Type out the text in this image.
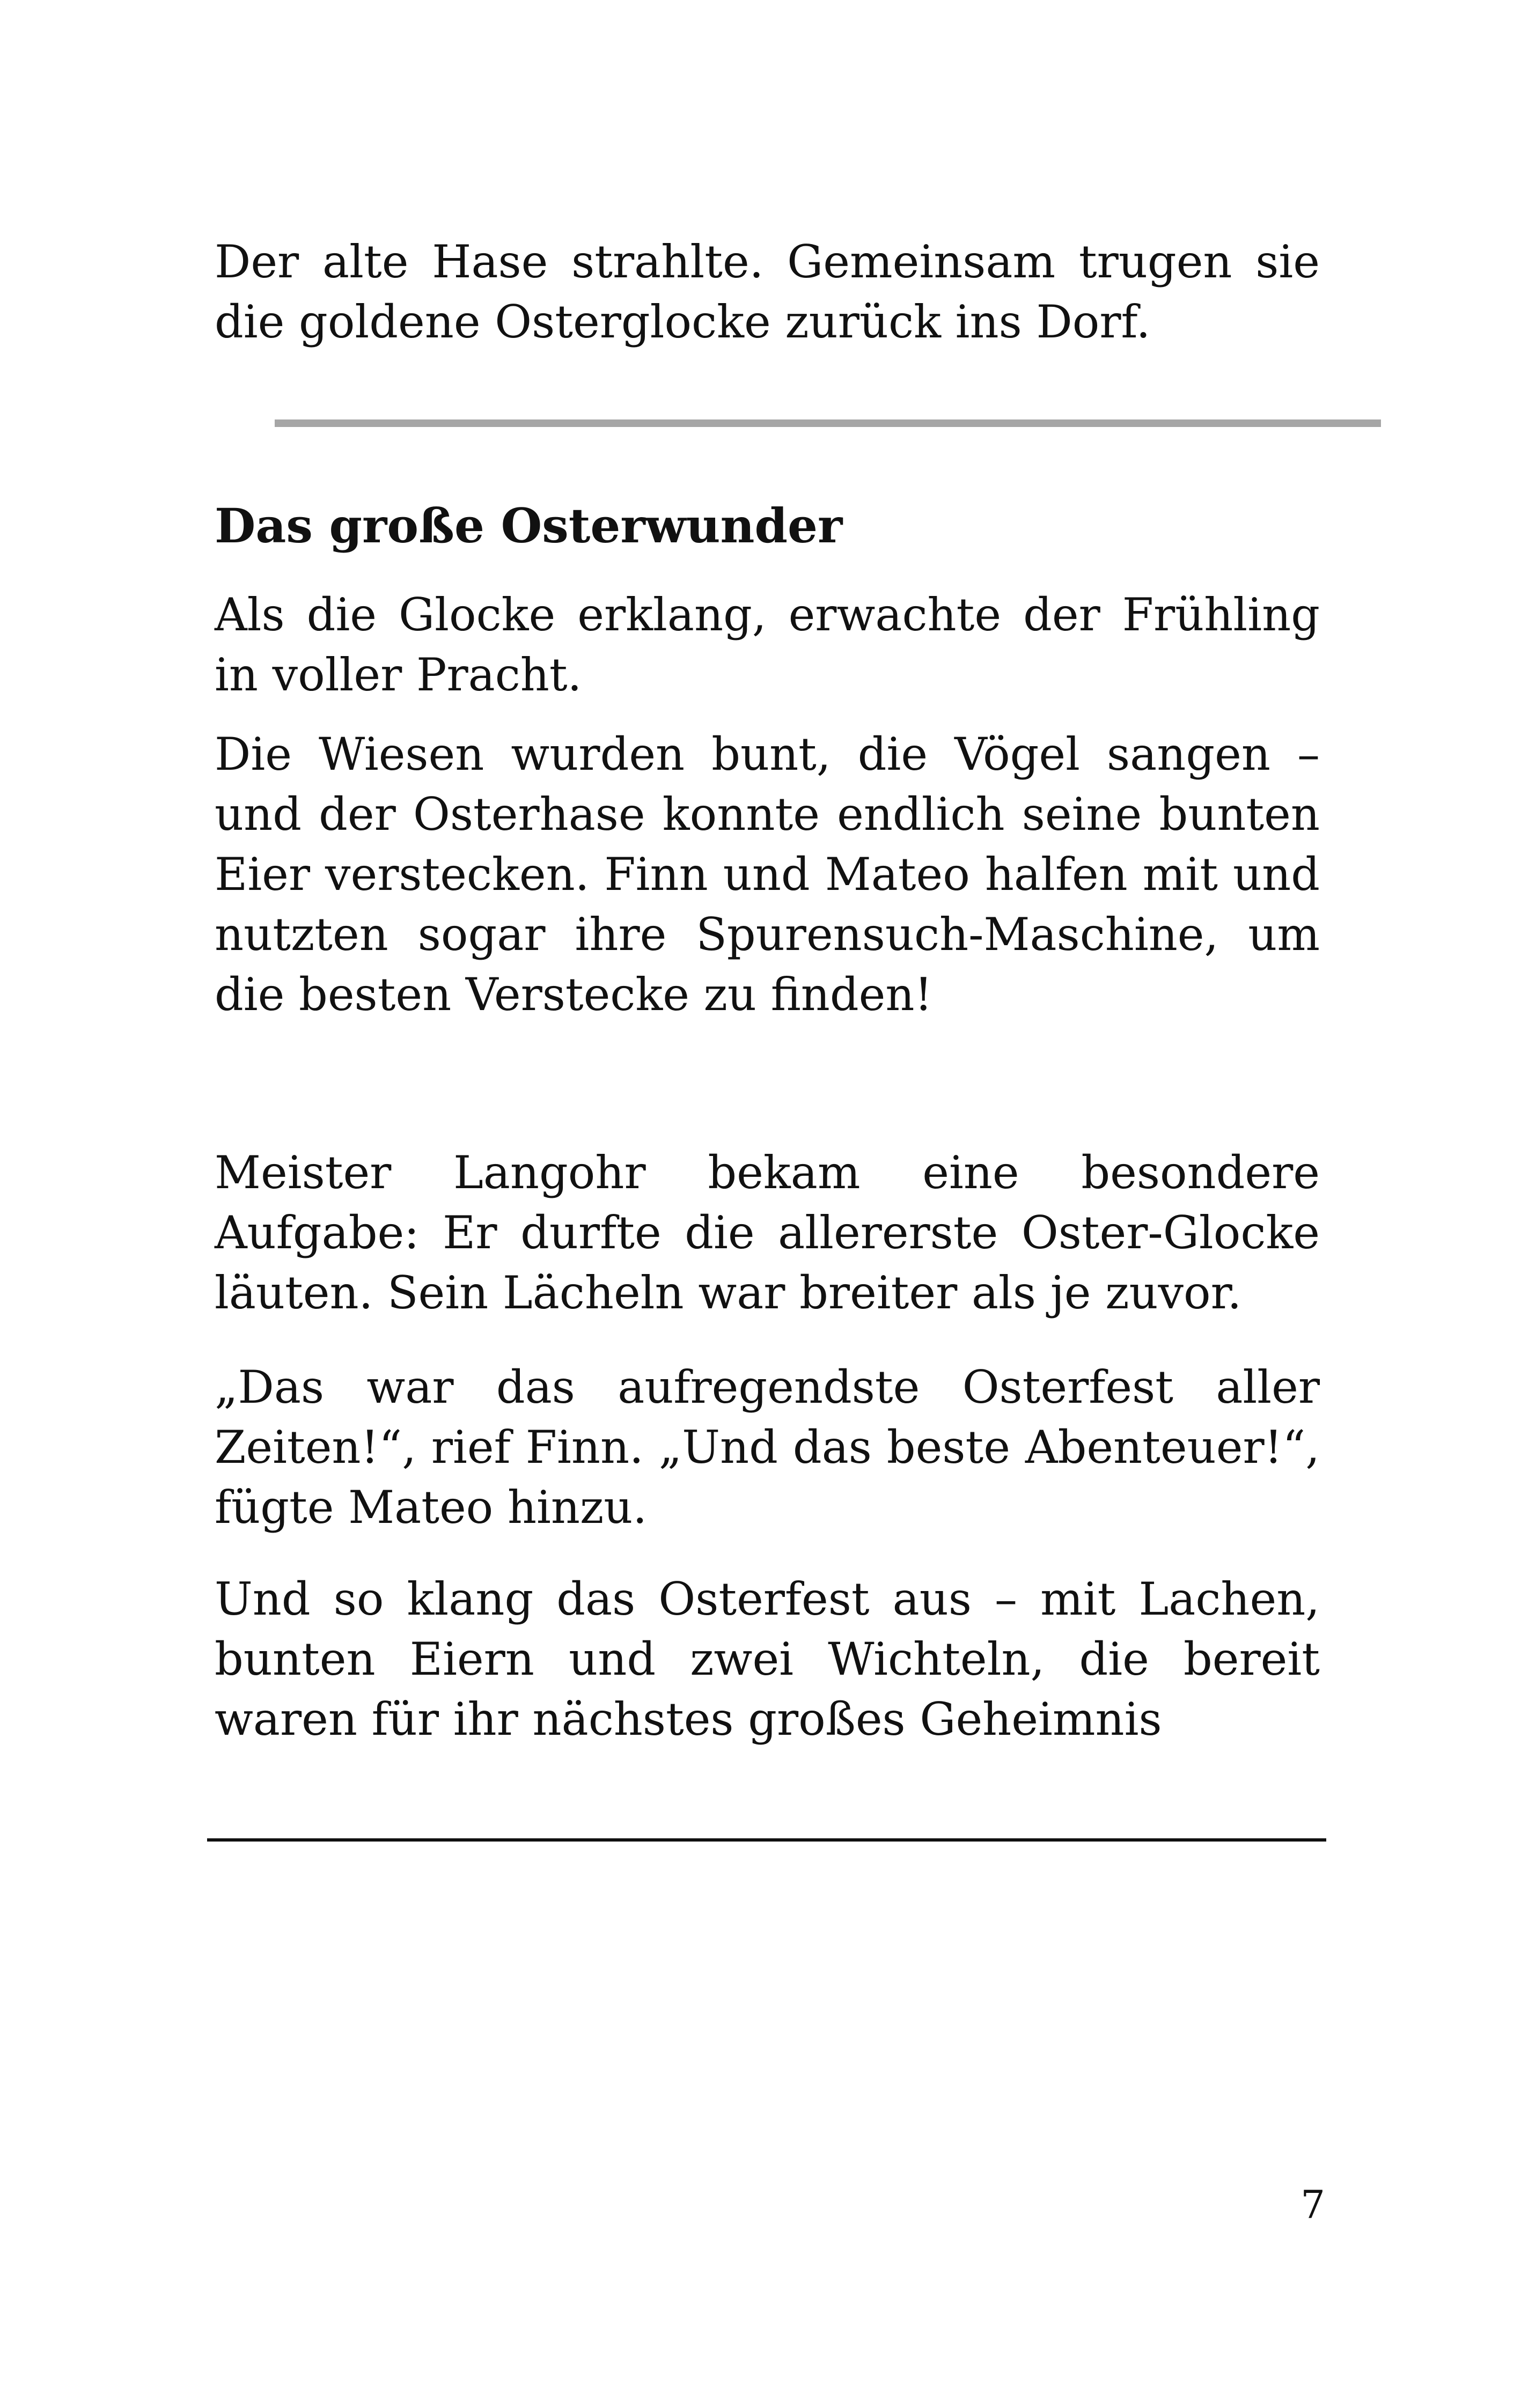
Der alte Hase strahlte. Gemeinsam trugen sie die goldene Osterglocke zurück ins Dorf.

Das große Osterwunder

Als die Glocke erklang, erwachte der Frühling in voller Pracht.

Die Wiesen wurden bunt, die Vögel sangen – und der Osterhase konnte endlich seine bunten Eier verstecken. Finn und Mateo halfen mit und nutzten sogar ihre Spurensuch-Maschine, um die besten Verstecke zu finden!

Meister Langohr bekam eine besondere Aufgabe: Er durfte die allererste Oster-Glocke läuten. Sein Lächeln war breiter als je zuvor.

„Das war das aufregendste Osterfest aller Zeiten!“, rief Finn. „Und das beste Abenteuer!“, fügte Mateo hinzu.

Und so klang das Osterfest aus – mit Lachen, bunten Eiern und zwei Wichteln, die bereit waren für ihr nächstes großes Geheimnis

7
